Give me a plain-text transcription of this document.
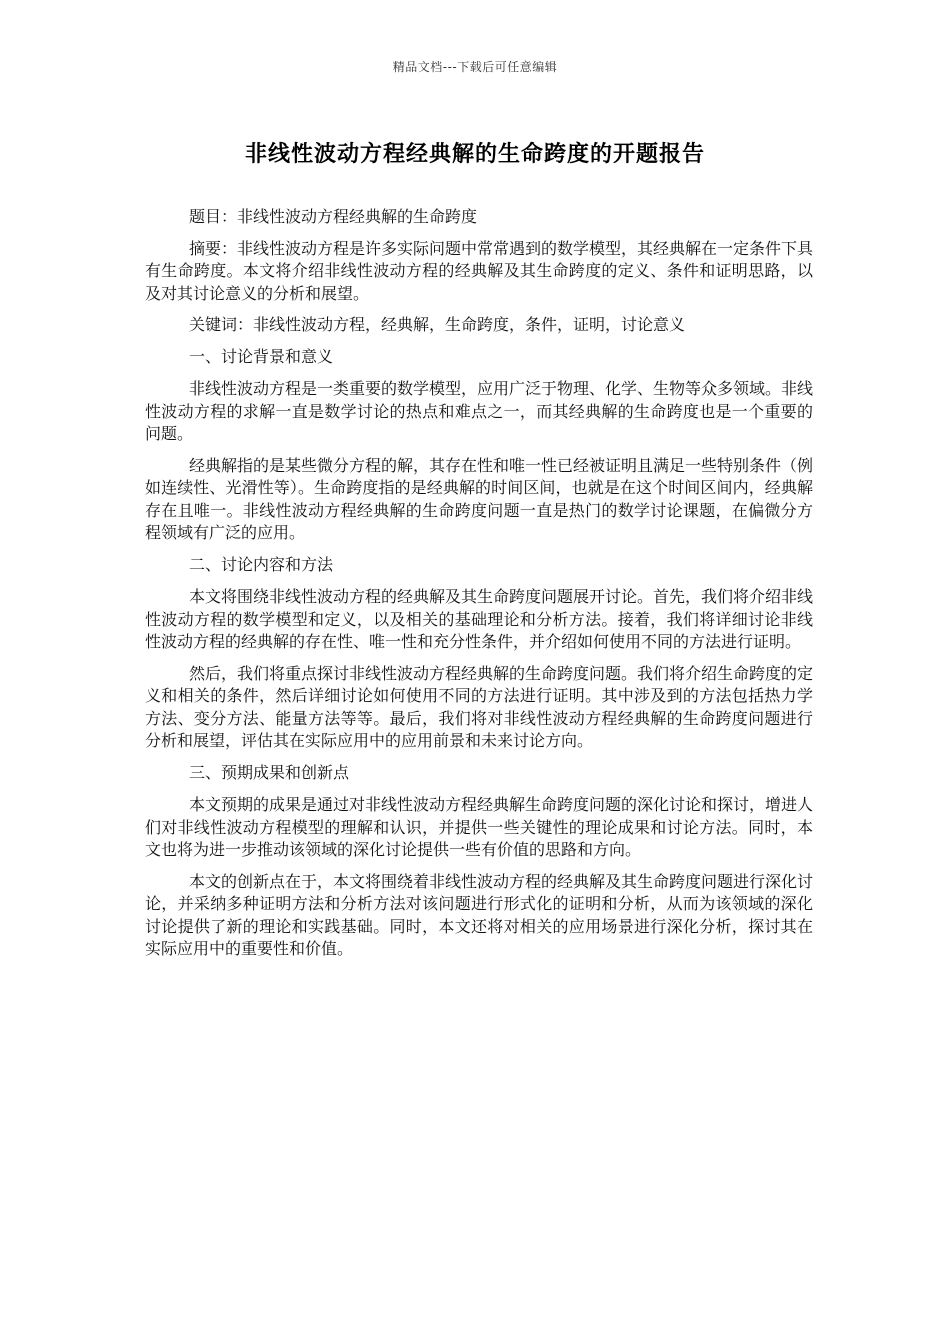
精品文档---下载后可任意编辑
非线性波动方程经典解的生命跨度的开题报告

题目：非线性波动方程经典解的生命跨度

摘要：非线性波动方程是许多实际问题中常常遇到的数学模型，其经典解在一定条件下具有生命跨度。本文将介绍非线性波动方程的经典解及其生命跨度的定义、条件和证明思路，以及对其讨论意义的分析和展望。

关键词：非线性波动方程，经典解，生命跨度，条件，证明，讨论意义

一、讨论背景和意义

非线性波动方程是一类重要的数学模型，应用广泛于物理、化学、生物等众多领域。非线性波动方程的求解一直是数学讨论的热点和难点之一，而其经典解的生命跨度也是一个重要的问题。

经典解指的是某些微分方程的解，其存在性和唯一性已经被证明且满足一些特别条件（例如连续性、光滑性等）。生命跨度指的是经典解的时间区间，也就是在这个时间区间内，经典解存在且唯一。非线性波动方程经典解的生命跨度问题一直是热门的数学讨论课题，在偏微分方程领域有广泛的应用。

二、讨论内容和方法

本文将围绕非线性波动方程的经典解及其生命跨度问题展开讨论。首先，我们将介绍非线性波动方程的数学模型和定义，以及相关的基础理论和分析方法。接着，我们将详细讨论非线性波动方程的经典解的存在性、唯一性和充分性条件，并介绍如何使用不同的方法进行证明。

然后，我们将重点探讨非线性波动方程经典解的生命跨度问题。我们将介绍生命跨度的定义和相关的条件，然后详细讨论如何使用不同的方法进行证明。其中涉及到的方法包括热力学方法、变分方法、能量方法等等。最后，我们将对非线性波动方程经典解的生命跨度问题进行分析和展望，评估其在实际应用中的应用前景和未来讨论方向。

三、预期成果和创新点

本文预期的成果是通过对非线性波动方程经典解生命跨度问题的深化讨论和探讨，增进人们对非线性波动方程模型的理解和认识，并提供一些关键性的理论成果和讨论方法。同时，本文也将为进一步推动该领域的深化讨论提供一些有价值的思路和方向。

本文的创新点在于，本文将围绕着非线性波动方程的经典解及其生命跨度问题进行深化讨论，并采纳多种证明方法和分析方法对该问题进行形式化的证明和分析，从而为该领域的深化讨论提供了新的理论和实践基础。同时，本文还将对相关的应用场景进行深化分析，探讨其在实际应用中的重要性和价值。
